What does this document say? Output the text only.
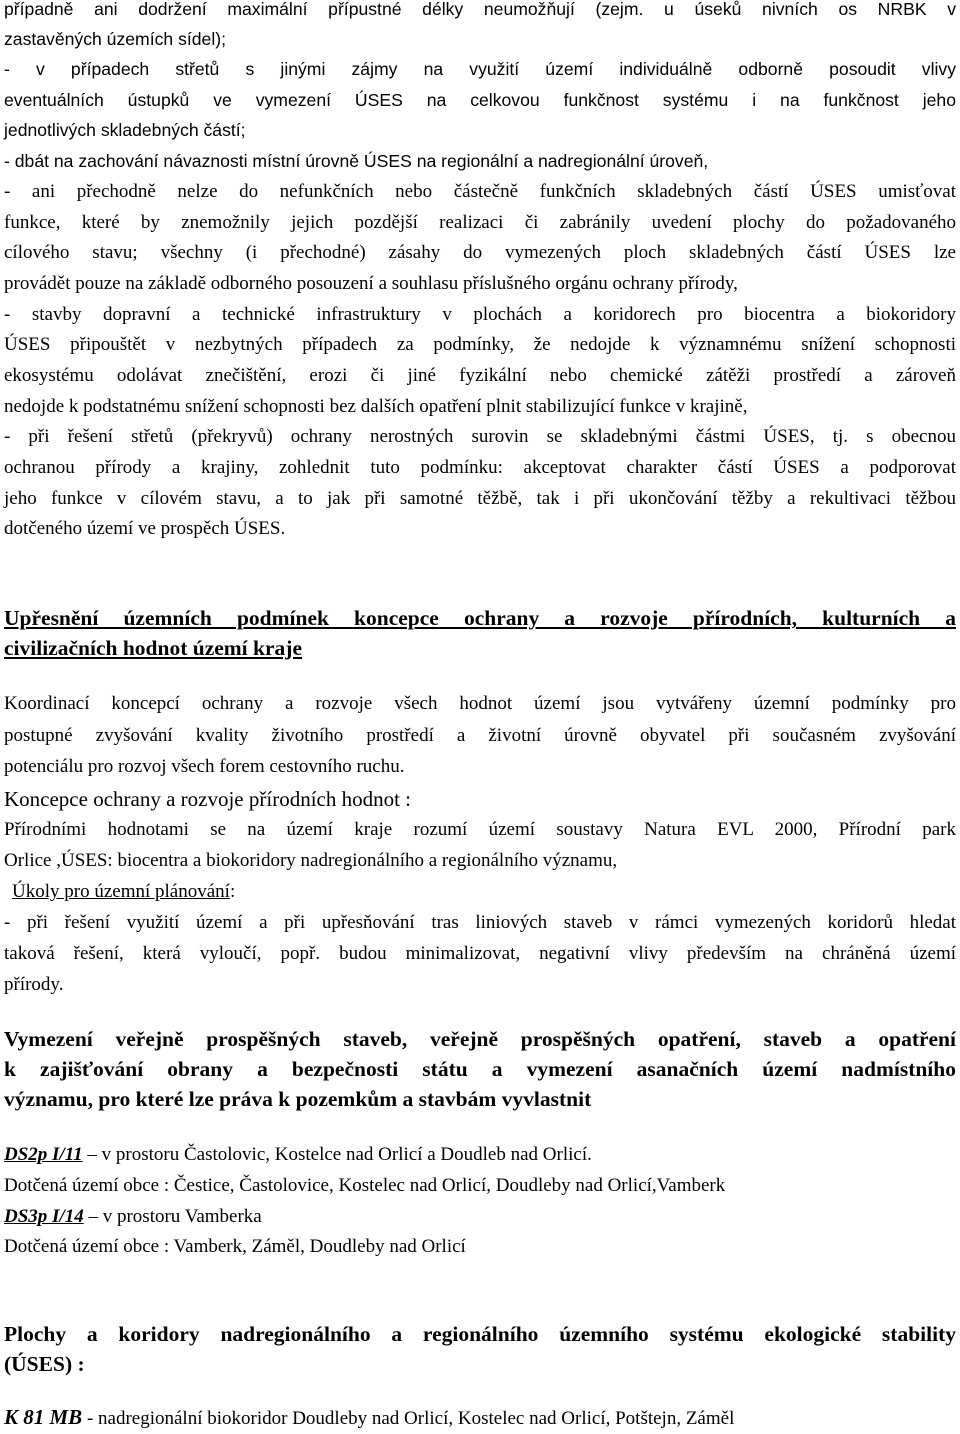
případně ani dodržení maximální přípustné délky neumožňují (zejm. u úseků nivních os NRBK v
zastavěných územích sídel);
- v případech střetů s jinými zájmy na využití území individuálně odborně posoudit vlivy
eventuálních ústupků ve vymezení ÚSES na celkovou funkčnost systému i na funkčnost jeho
jednotlivých skladebných částí;
- dbát na zachování návaznosti místní úrovně ÚSES na regionální a nadregionální úroveň,
- ani přechodně nelze do nefunkčních nebo částečně funkčních skladebných částí ÚSES umisťovat
funkce, které by znemožnily jejich pozdější realizaci či zabránily uvedení plochy do požadovaného
cílového stavu; všechny (i přechodné) zásahy do vymezených ploch skladebných částí ÚSES lze
provádět pouze na základě odborného posouzení a souhlasu příslušného orgánu ochrany přírody,
- stavby dopravní a technické infrastruktury v plochách a koridorech pro biocentra a biokoridory
ÚSES připouštět v nezbytných případech za podmínky, že nedojde k významnému snížení schopnosti
ekosystému odolávat znečištění, erozi či jiné fyzikální nebo chemické zátěži prostředí a zároveň
nedojde k podstatnému snížení schopnosti bez dalších opatření plnit stabilizující funkce v krajině,
- při řešení střetů (překryvů) ochrany nerostných surovin se skladebnými částmi ÚSES, tj. s obecnou
ochranou přírody a krajiny, zohlednit tuto podmínku: akceptovat charakter částí ÚSES a podporovat
jeho funkce v cílovém stavu, a to jak při samotné těžbě, tak i při ukončování těžby a rekultivaci těžbou
dotčeného území ve prospěch ÚSES.
Upřesnění územních podmínek koncepce ochrany a rozvoje přírodních, kulturních a
civilizačních hodnot území kraje
Koordinací koncepcí ochrany a rozvoje všech hodnot území jsou vytvářeny územní podmínky pro
postupné zvyšování kvality životního prostředí a životní úrovně obyvatel při současném zvyšování
potenciálu pro rozvoj všech forem cestovního ruchu.
Koncepce ochrany a rozvoje přírodních hodnot :
Přírodními hodnotami se na území kraje rozumí území soustavy Natura EVL 2000, Přírodní park
Orlice ,ÚSES: biocentra a biokoridory nadregionálního a regionálního významu,
Úkoly pro územní plánování:
- při řešení využití území a při upřesňování tras liniových staveb v rámci vymezených koridorů hledat
taková řešení, která vyloučí, popř. budou minimalizovat, negativní vlivy především na chráněná území
přírody.
Vymezení veřejně prospěšných staveb, veřejně prospěšných opatření, staveb a opatření
k zajišťování obrany a bezpečnosti státu a vymezení asanačních území nadmístního
významu, pro které lze práva k pozemkům a stavbám vyvlastnit
DS2p I/11 – v prostoru Častolovic, Kostelce nad Orlicí a Doudleb nad Orlicí.
Dotčená území obce : Čestice, Častolovice, Kostelec nad Orlicí, Doudleby nad Orlicí,Vamberk
DS3p I/14 – v prostoru Vamberka
Dotčená území obce : Vamberk, Záměl, Doudleby nad Orlicí
Plochy a koridory nadregionálního a regionálního územního systému ekologické stability
(ÚSES) :
K 81 MB - nadregionální biokoridor Doudleby nad Orlicí, Kostelec nad Orlicí, Potštejn, Záměl
